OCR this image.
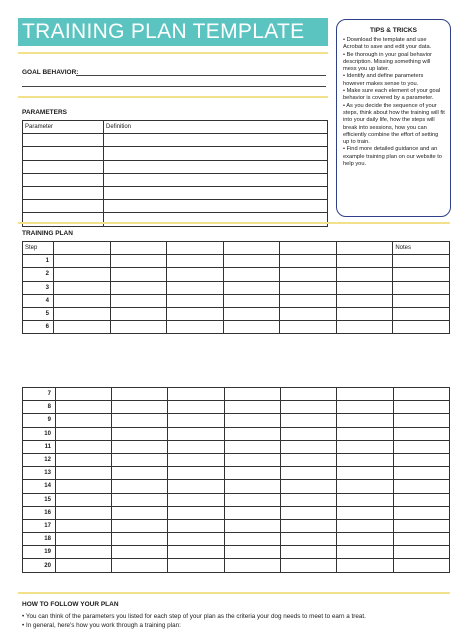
TRAINING PLAN TEMPLATE
GOAL BEHAVIOR:
PARAMETERS
Parameter	Definition

TIPS & TRICKS
• Download the template and use Acrobat to save and edit your data.
• Be thorough in your goal behavior description. Missing something will mess you up later.
• Identify and define parameters however makes sense to you.
• Make sure each element of your goal behavior is covered by a parameter.
• As you decide the sequence of your steps, think about how the training will fit into your daily life, how the steps will break into sessions, how you can efficiently combine the effort of setting up to train.
• Find more detailed guidance and an example training plan on our website to help you.
TRAINING PLAN
Step							Notes
1							
2							
3							
4							
5							
6							
7							
8							
9							
10							
11							
12							
13							
14							
15							
16							
17							
18							
19							
20							
HOW TO FOLLOW YOUR PLAN
• You can think of the parameters you listed for each step of your plan as the criteria your dog needs to meet to earn a treat.
• In general, here's how you work through a training plan:
